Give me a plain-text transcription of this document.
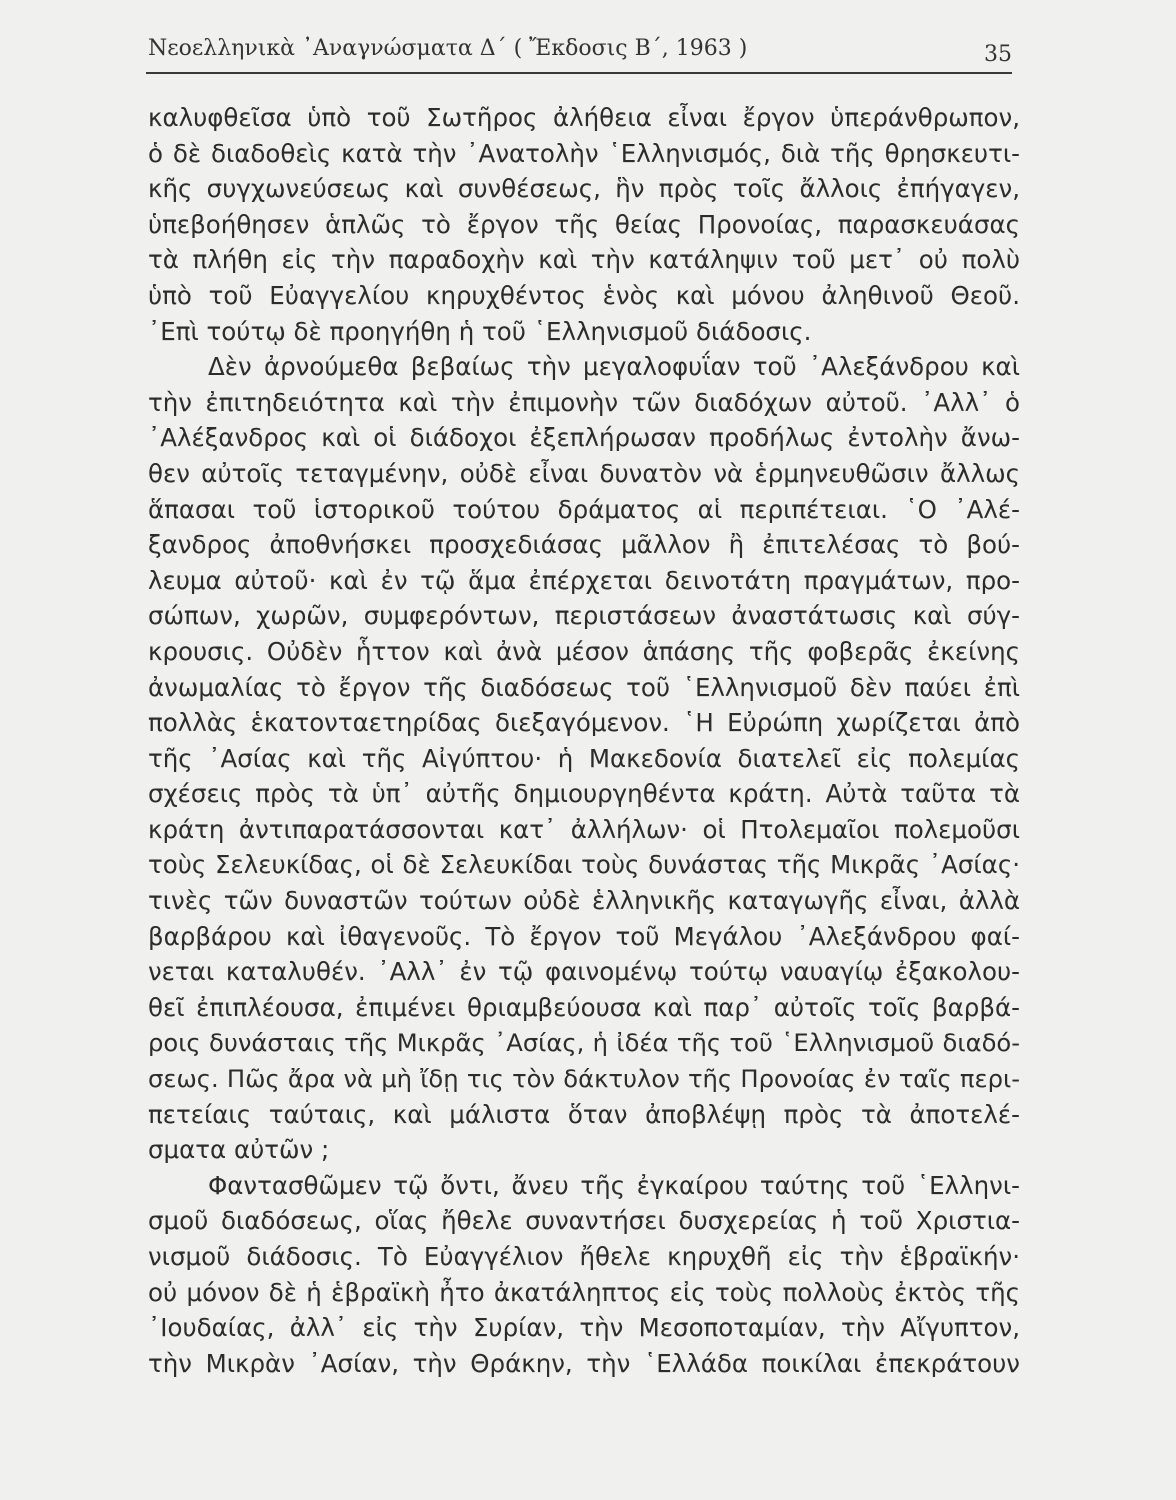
Νεοελληνικὰ ᾿Αναγνώσματα Δ΄ ( Ἔκδοσις Β΄, 1963 )	35
καλυφθεῖσα ὑπὸ τοῦ Σωτῆρος ἀλήθεια εἶναι ἔργον ὑπεράνθρωπον,
ὁ δὲ διαδοθεὶς κατὰ τὴν ᾿Ανατολὴν ῾Ελληνισμός, διὰ τῆς θρησκευτι-
κῆς συγχωνεύσεως καὶ συνθέσεως, ἣν πρὸς τοῖς ἄλλοις ἐπήγαγεν,
ὑπεβοήθησεν ἁπλῶς τὸ ἔργον τῆς θείας Προνοίας, παρασκευάσας
τὰ πλήθη εἰς τὴν παραδοχὴν καὶ τὴν κατάληψιν τοῦ μετ᾿ οὐ πολὺ
ὑπὸ τοῦ Εὐαγγελίου κηρυχθέντος ἑνὸς καὶ μόνου ἀληθινοῦ Θεοῦ.
᾿Επὶ τούτῳ δὲ προηγήθη ἡ τοῦ ῾Ελληνισμοῦ διάδοσις.
Δὲν ἀρνούμεθα βεβαίως τὴν μεγαλοφυΐαν τοῦ ᾿Αλεξάνδρου καὶ
τὴν ἐπιτηδειότητα καὶ τὴν ἐπιμονὴν τῶν διαδόχων αὐτοῦ. ᾿Αλλ᾿ ὁ
᾿Αλέξανδρος καὶ οἱ διάδοχοι ἐξεπλήρωσαν προδήλως ἐντολὴν ἄνω-
θεν αὐτοῖς τεταγμένην, οὐδὲ εἶναι δυνατὸν νὰ ἑρμηνευθῶσιν ἄλλως
ἅπασαι τοῦ ἱστορικοῦ τούτου δράματος αἱ περιπέτειαι. ῾Ο ᾿Αλέ-
ξανδρος ἀποθνήσκει προσχεδιάσας μᾶλλον ἢ ἐπιτελέσας τὸ βού-
λευμα αὐτοῦ· καὶ ἐν τῷ ἅμα ἐπέρχεται δεινοτάτη πραγμάτων, προ-
σώπων, χωρῶν, συμφερόντων, περιστάσεων ἀναστάτωσις καὶ σύγ-
κρουσις. Οὐδὲν ἧττον καὶ ἀνὰ μέσον ἁπάσης τῆς φοβερᾶς ἐκείνης
ἀνωμαλίας τὸ ἔργον τῆς διαδόσεως τοῦ ῾Ελληνισμοῦ δὲν παύει ἐπὶ
πολλὰς ἑκατονταετηρίδας διεξαγόμενον. ῾Η Εὐρώπη χωρίζεται ἀπὸ
τῆς ᾿Ασίας καὶ τῆς Αἰγύπτου· ἡ Μακεδονία διατελεῖ εἰς πολεμίας
σχέσεις πρὸς τὰ ὑπ᾿ αὐτῆς δημιουργηθέντα κράτη. Αὐτὰ ταῦτα τὰ
κράτη ἀντιπαρατάσσονται κατ᾿ ἀλλήλων· οἱ Πτολεμαῖοι πολεμοῦσι
τοὺς Σελευκίδας, οἱ δὲ Σελευκίδαι τοὺς δυνάστας τῆς Μικρᾶς ᾿Ασίας·
τινὲς τῶν δυναστῶν τούτων οὐδὲ ἑλληνικῆς καταγωγῆς εἶναι, ἀλλὰ
βαρβάρου καὶ ἰθαγενοῦς. Τὸ ἔργον τοῦ Μεγάλου ᾿Αλεξάνδρου φαί-
νεται καταλυθέν. ᾿Αλλ᾿ ἐν τῷ φαινομένῳ τούτῳ ναυαγίῳ ἐξακολου-
θεῖ ἐπιπλέουσα, ἐπιμένει θριαμβεύουσα καὶ παρ᾿ αὐτοῖς τοῖς βαρβά-
ροις δυνάσταις τῆς Μικρᾶς ᾿Ασίας, ἡ ἰδέα τῆς τοῦ ῾Ελληνισμοῦ διαδό-
σεως. Πῶς ἄρα νὰ μὴ ἴδῃ τις τὸν δάκτυλον τῆς Προνοίας ἐν ταῖς περι-
πετείαις ταύταις, καὶ μάλιστα ὅταν ἀποβλέψῃ πρὸς τὰ ἀποτελέ-
σματα αὐτῶν ;
Φαντασθῶμεν τῷ ὄντι, ἄνευ τῆς ἐγκαίρου ταύτης τοῦ ῾Ελληνι-
σμοῦ διαδόσεως, οἵας ἤθελε συναντήσει δυσχερείας ἡ τοῦ Χριστια-
νισμοῦ διάδοσις. Τὸ Εὐαγγέλιον ἤθελε κηρυχθῆ εἰς τὴν ἑβραϊκήν·
οὐ μόνον δὲ ἡ ἑβραϊκὴ ἦτο ἀκατάληπτος εἰς τοὺς πολλοὺς ἐκτὸς τῆς
᾿Ιουδαίας, ἀλλ᾿ εἰς τὴν Συρίαν, τὴν Μεσοποταμίαν, τὴν Αἴγυπτον,
τὴν Μικρὰν ᾿Ασίαν, τὴν Θράκην, τὴν ῾Ελλάδα ποικίλαι ἐπεκράτουν
